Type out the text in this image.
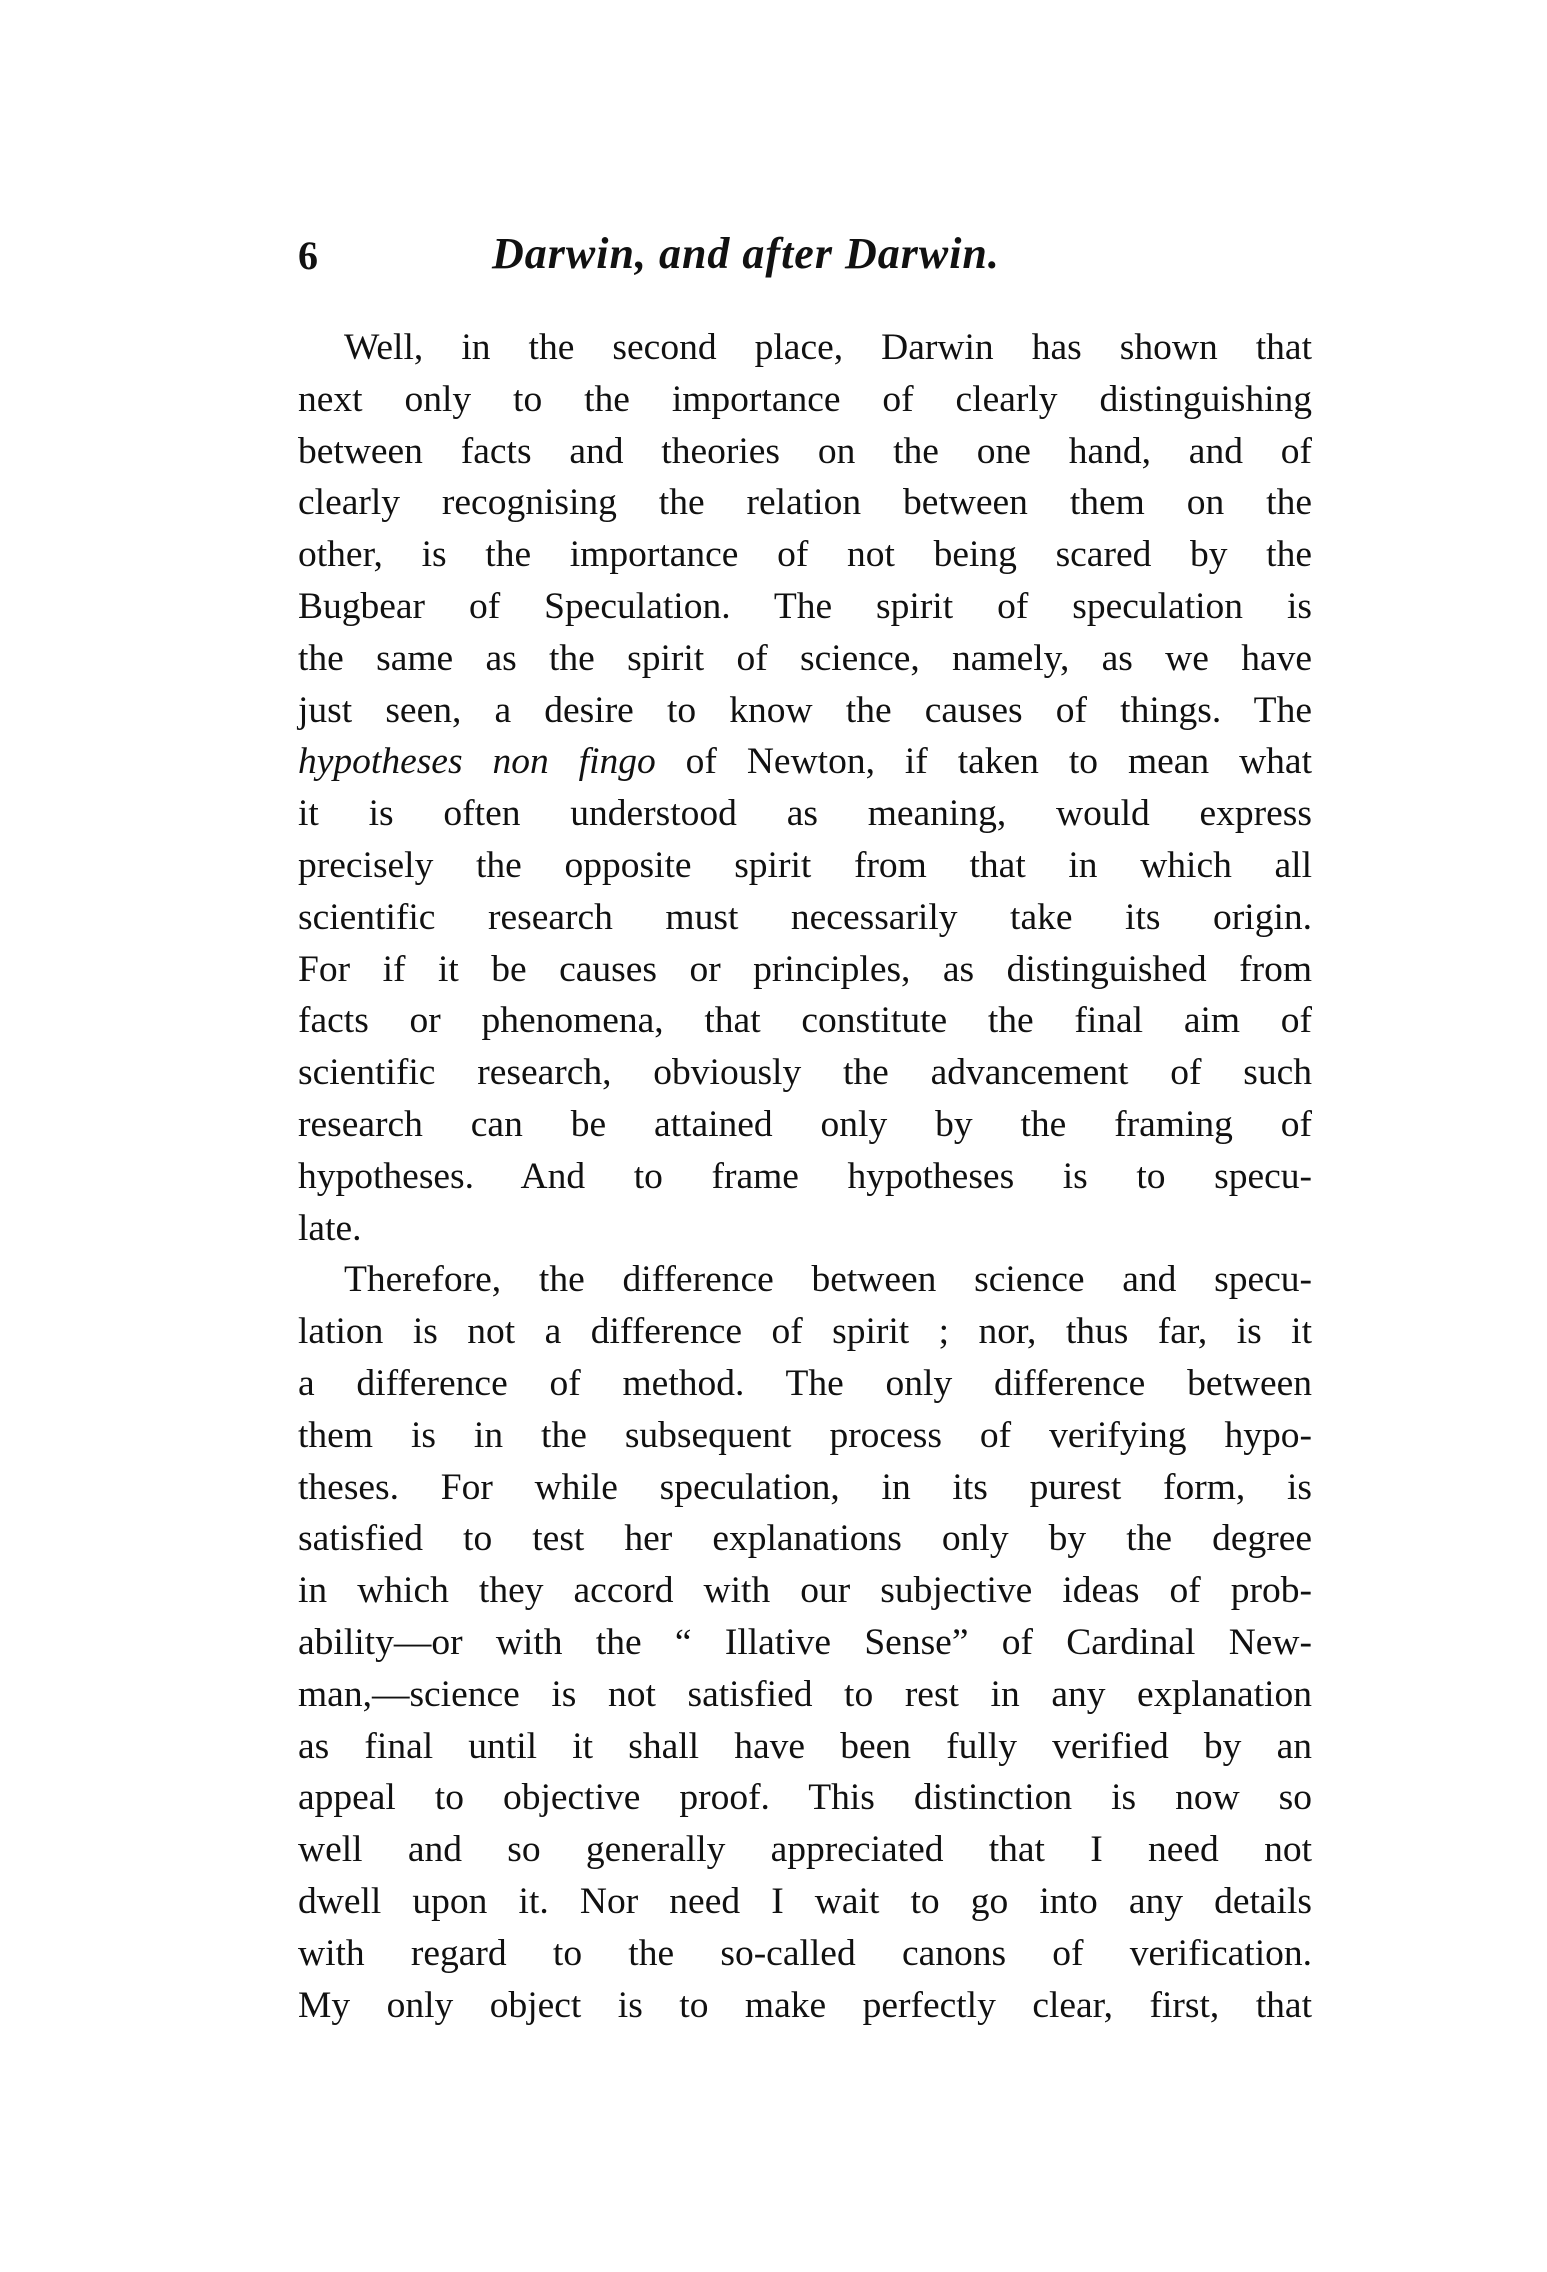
6	Darwin, and after Darwin.
Well, in the second place, Darwin has shown that
next only to the importance of clearly distinguishing
between facts and theories on the one hand, and of
clearly recognising the relation between them on the
other, is the importance of not being scared by the
Bugbear of Speculation. The spirit of speculation is
the same as the spirit of science, namely, as we have
just seen, a desire to know the causes of things. The
hypotheses non fingo of Newton, if taken to mean what
it is often understood as meaning, would express
precisely the opposite spirit from that in which all
scientific research must necessarily take its origin.
For if it be causes or principles, as distinguished from
facts or phenomena, that constitute the final aim of
scientific research, obviously the advancement of such
research can be attained only by the framing of
hypotheses. And to frame hypotheses is to specu-
late.
Therefore, the difference between science and specu-
lation is not a difference of spirit ; nor, thus far, is it
a difference of method. The only difference between
them is in the subsequent process of verifying hypo-
theses. For while speculation, in its purest form, is
satisfied to test her explanations only by the degree
in which they accord with our subjective ideas of prob-
ability—or with the “ Illative Sense” of Cardinal New-
man,—science is not satisfied to rest in any explanation
as final until it shall have been fully verified by an
appeal to objective proof. This distinction is now so
well and so generally appreciated that I need not
dwell upon it. Nor need I wait to go into any details
with regard to the so-called canons of verification.
My only object is to make perfectly clear, first, that
